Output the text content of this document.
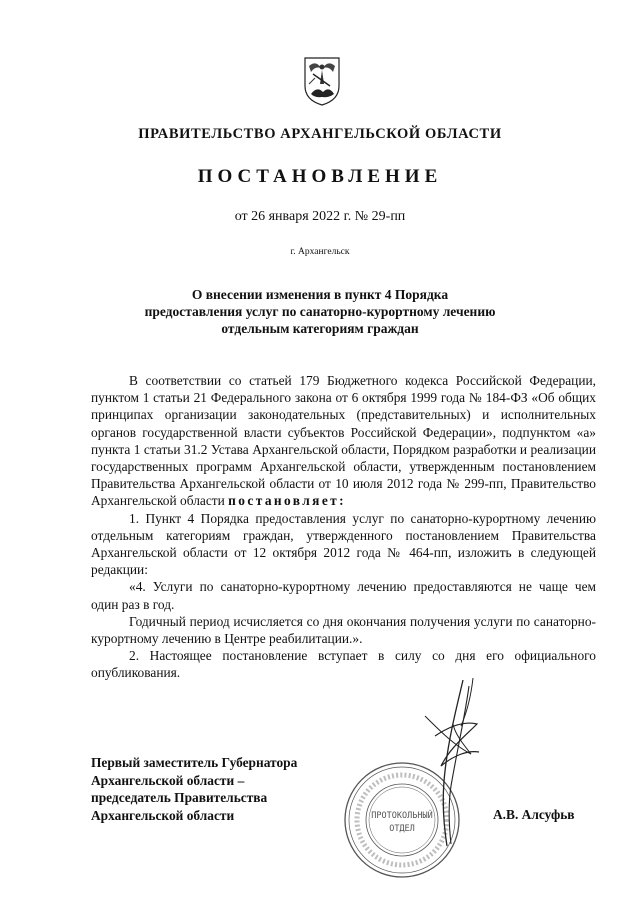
ПРАВИТЕЛЬСТВО АРХАНГЕЛЬСКОЙ ОБЛАСТИ
ПОСТАНОВЛЕНИЕ
от 26 января 2022 г. № 29-пп
г. Архангельск
О внесении изменения в пункт 4 Порядка
предоставления услуг по санаторно-курортному лечению
отдельным категориям граждан

В соответствии со статьей 179 Бюджетного кодекса Российской Федерации, пунктом 1 статьи 21 Федерального закона от 6 октября 1999 года № 184-ФЗ «Об общих принципах организации законодательных (представительных) и исполнительных органов государственной власти субъектов Российской Федерации», подпунктом «а» пункта 1 статьи 31.2 Устава Архангельской области, Порядком разработки и реализации государственных программ Архангельской области, утвержденным постановлением Правительства Архангельской области от 10 июля 2012 года № 299-пп, Правительство Архангельской области постановляет:

1. Пункт 4 Порядка предоставления услуг по санаторно-курортному лечению отдельным категориям граждан, утвержденного постановлением Правительства Архангельской области от 12 октября 2012 года № 464-пп, изложить в следующей редакции:

«4. Услуги по санаторно-курортному лечению предоставляются не чаще чем один раз в год.

Годичный период исчисляется со дня окончания получения услуги по санаторно-курортному лечению в Центре реабилитации.».

2. Настоящее постановление вступает в силу со дня его официального опубликования.

Первый заместитель Губернатора
Архангельской области –
председатель Правительства
Архангельской области	А.В. Алсуфьв
ПРОТОКОЛЬНЫЙ
ОТДЕЛ
